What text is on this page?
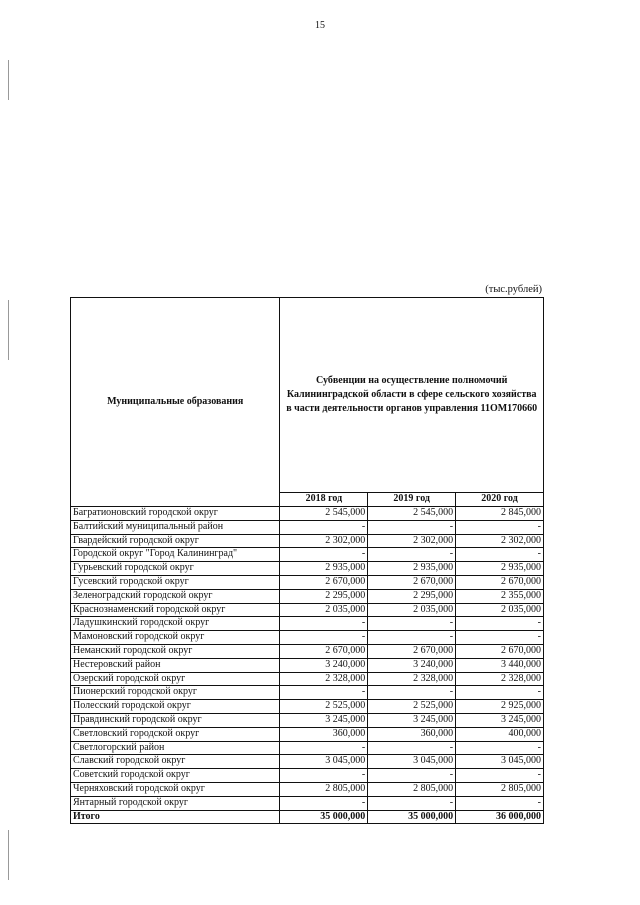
15
(тыс.рублей)
Муниципальные образования	Субвенции на осуществление полномочий Калининградской области в сфере сельского хозяйства в части деятельности органов управления 11ОМ170660		
	2018 год	2019 год	2020 год
Багратионовский городской округ	2 545,000	2 545,000	2 845,000
Балтийский муниципальный район	-	-	-
Гвардейский городской округ	2 302,000	2 302,000	2 302,000
Городской округ "Город Калининград"	-	-	-
Гурьевский городской округ	2 935,000	2 935,000	2 935,000
Гусевский городской округ	2 670,000	2 670,000	2 670,000
Зеленоградский городской округ	2 295,000	2 295,000	2 355,000
Краснознаменский городской округ	2 035,000	2 035,000	2 035,000
Ладушкинский городской округ	-	-	-
Мамоновский городской округ	-	-	-
Неманский городской округ	2 670,000	2 670,000	2 670,000
Нестеровский район	3 240,000	3 240,000	3 440,000
Озерский городской округ	2 328,000	2 328,000	2 328,000
Пионерский городской округ	-	-	-
Полесский городской округ	2 525,000	2 525,000	2 925,000
Правдинский городской округ	3 245,000	3 245,000	3 245,000
Светловский городской округ	360,000	360,000	400,000
Светлогорский район	-	-	-
Славский городской округ	3 045,000	3 045,000	3 045,000
Советский городской округ	-	-	-
Черняховский городской округ	2 805,000	2 805,000	2 805,000
Янтарный городской округ	-	-	-
Итого	35 000,000	35 000,000	36 000,000
